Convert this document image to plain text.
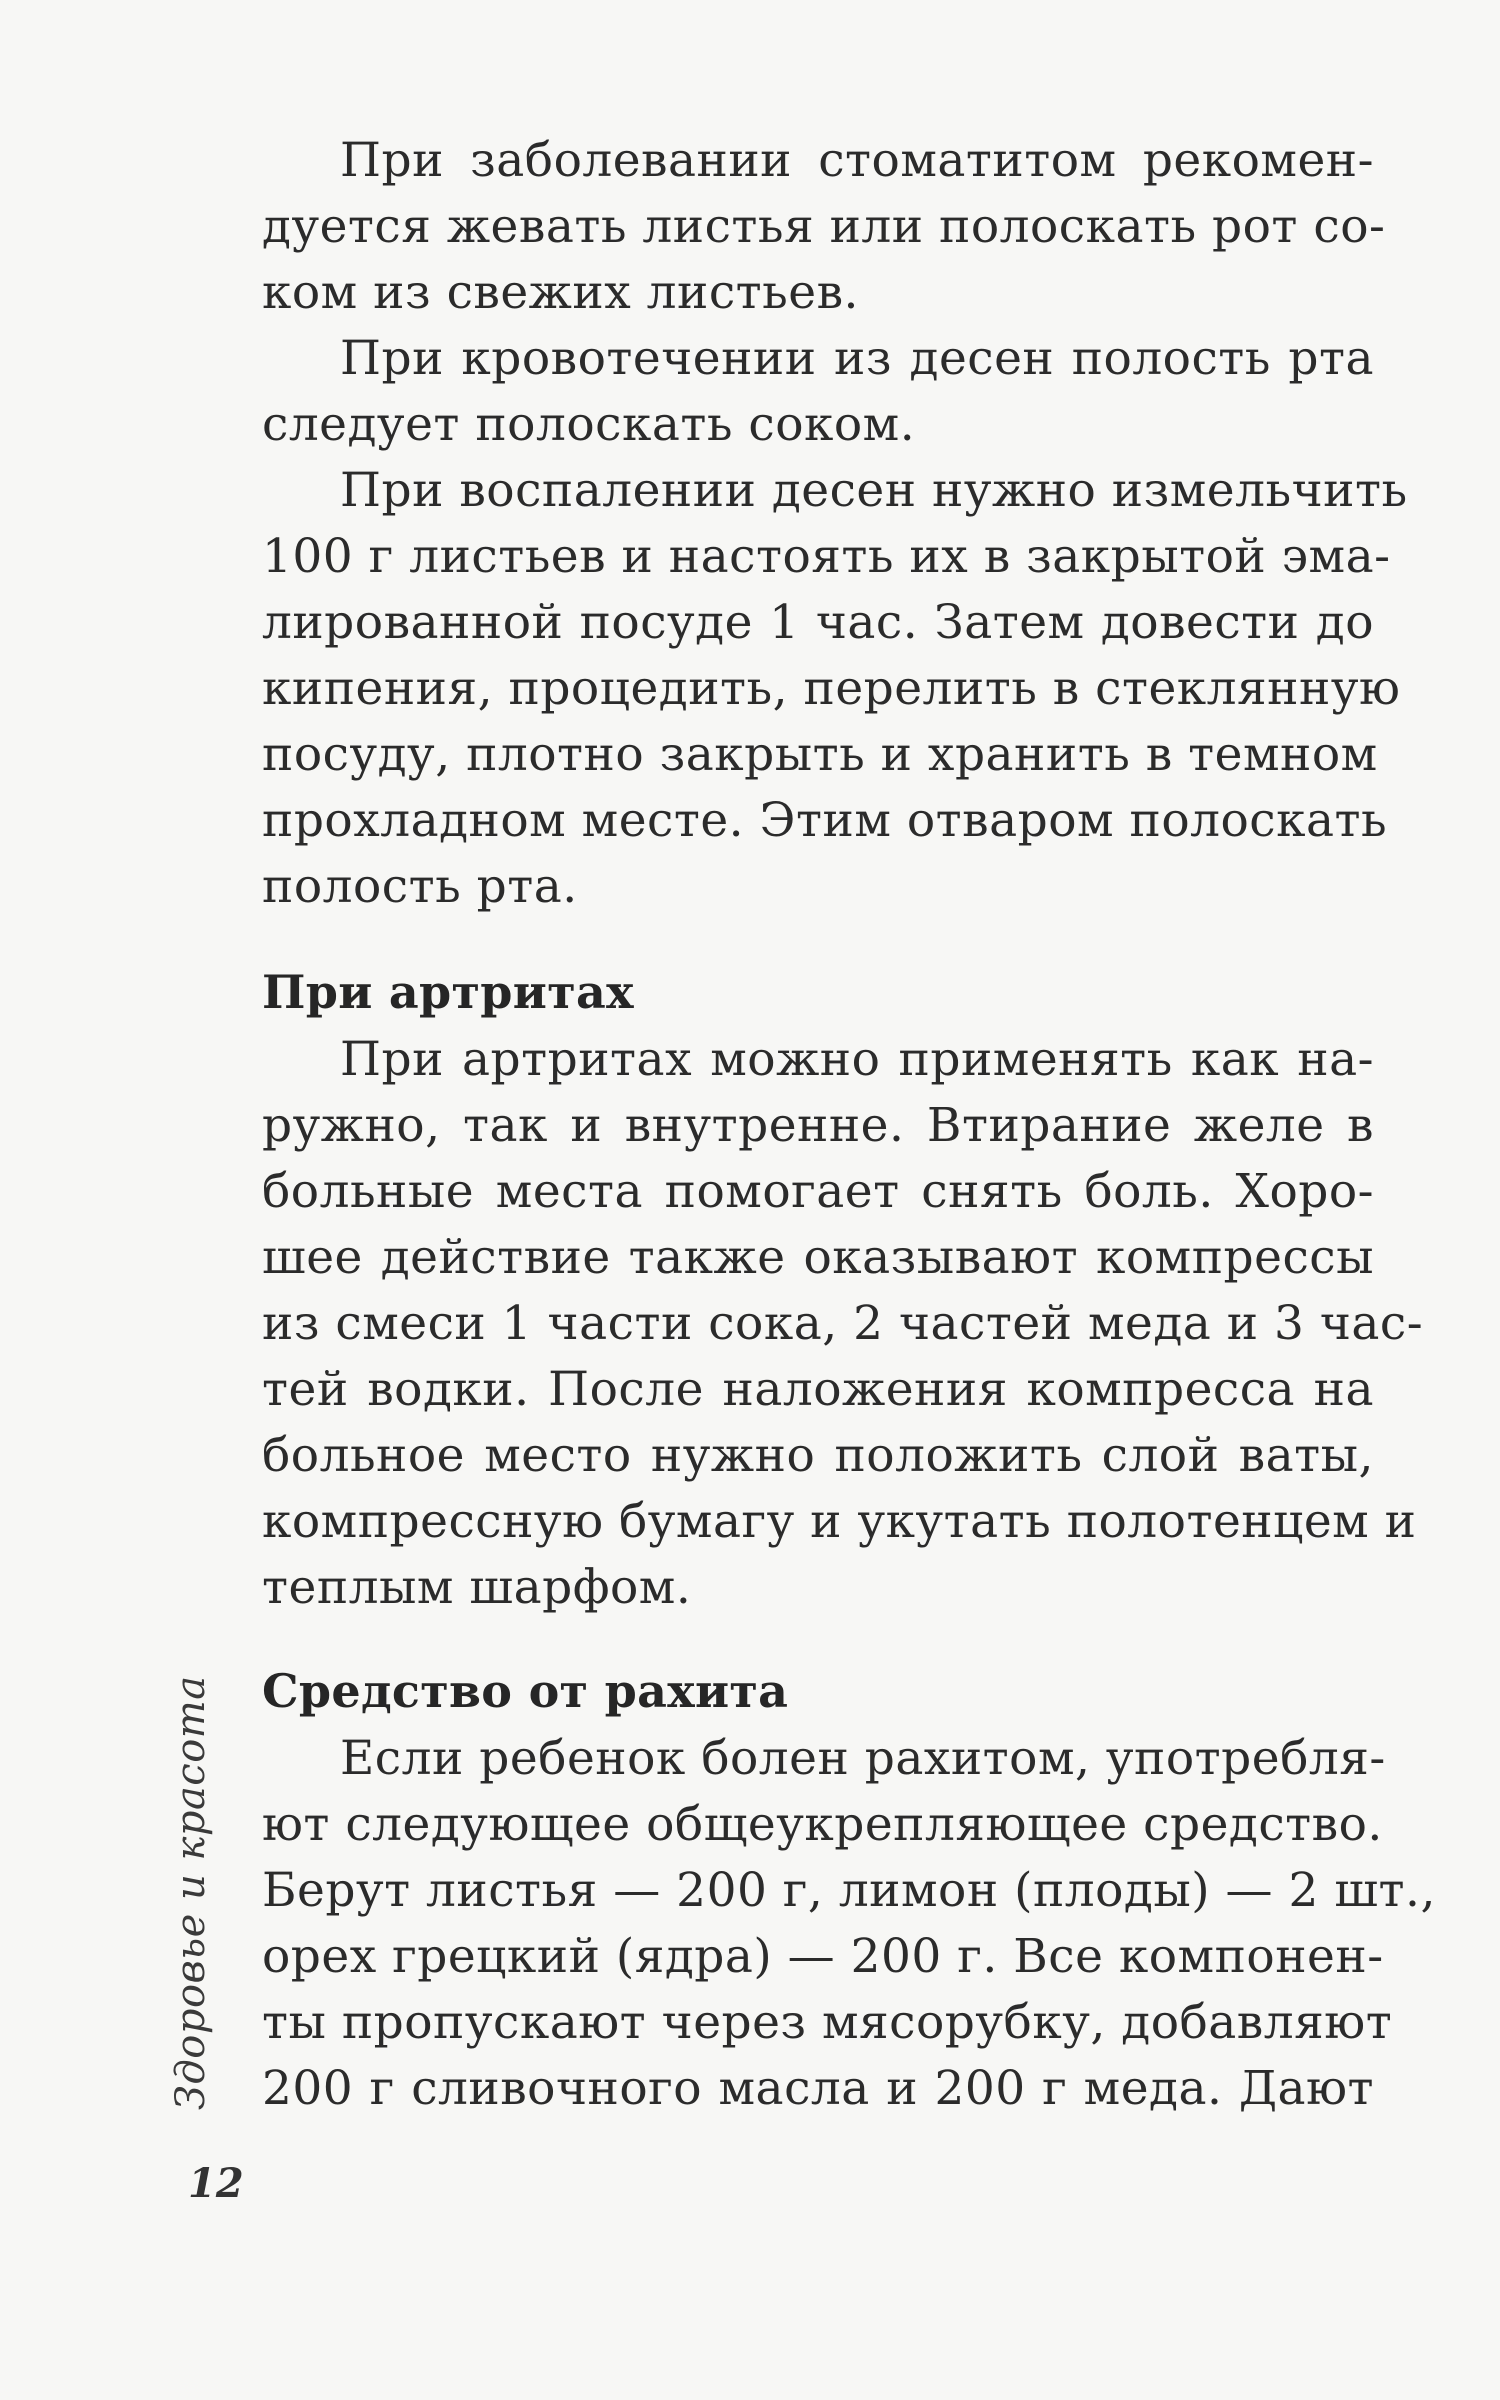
При заболевании стоматитом рекомен-
дуется жевать листья или полоскать рот со-
ком из свежих листьев.
При кровотечении из десен полость рта
следует полоскать соком.
При воспалении десен нужно измельчить
100 г листьев и настоять их в закрытой эма-
лированной посуде 1 час. Затем довести до
кипения, процедить, перелить в стеклянную
посуду, плотно закрыть и хранить в темном
прохладном месте. Этим отваром полоскать
полость рта.
При артритах
При артритах можно применять как на-
ружно, так и внутренне. Втирание желе в
больные места помогает снять боль. Хоро-
шее действие также оказывают компрессы
из смеси 1 части сока, 2 частей меда и 3 час-
тей водки. После наложения компресса на
больное место нужно положить слой ваты,
компрессную бумагу и укутать полотенцем и
теплым шарфом.
Средство от рахита
Если ребенок болен рахитом, употребля-
ют следующее общеукрепляющее средство.
Берут листья — 200 г, лимон (плоды) — 2 шт.,
орех грецкий (ядра) — 200 г. Все компонен-
ты пропускают через мясорубку, добавляют
200 г сливочного масла и 200 г меда. Дают
Здоровье и красота
12
